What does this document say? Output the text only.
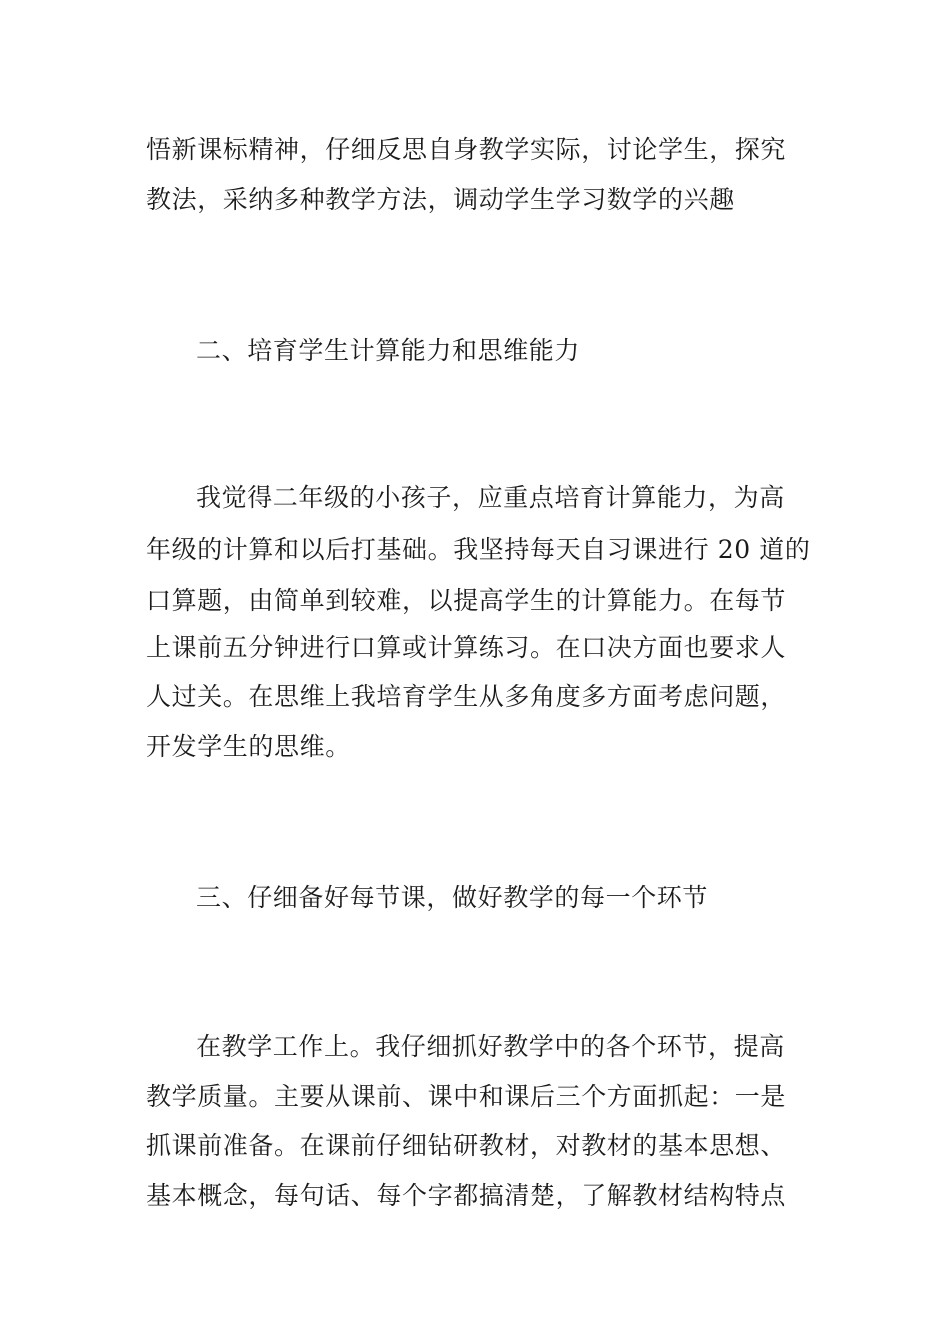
悟新课标精神，仔细反思自身教学实际，讨论学生，探究
教法，采纳多种教学方法，调动学生学习数学的兴趣
二、培育学生计算能力和思维能力
我觉得二年级的小孩子，应重点培育计算能力，为高
年级的计算和以后打基础。我坚持每天自习课进行 20 道的
口算题，由简单到较难，以提高学生的计算能力。在每节
上课前五分钟进行口算或计算练习。在口决方面也要求人
人过关。在思维上我培育学生从多角度多方面考虑问题，
开发学生的思维。
三、仔细备好每节课，做好教学的每一个环节
在教学工作上。我仔细抓好教学中的各个环节，提高
教学质量。主要从课前、课中和课后三个方面抓起：一是
抓课前准备。在课前仔细钻研教材，对教材的基本思想、
基本概念，每句话、每个字都搞清楚，了解教材结构特点
